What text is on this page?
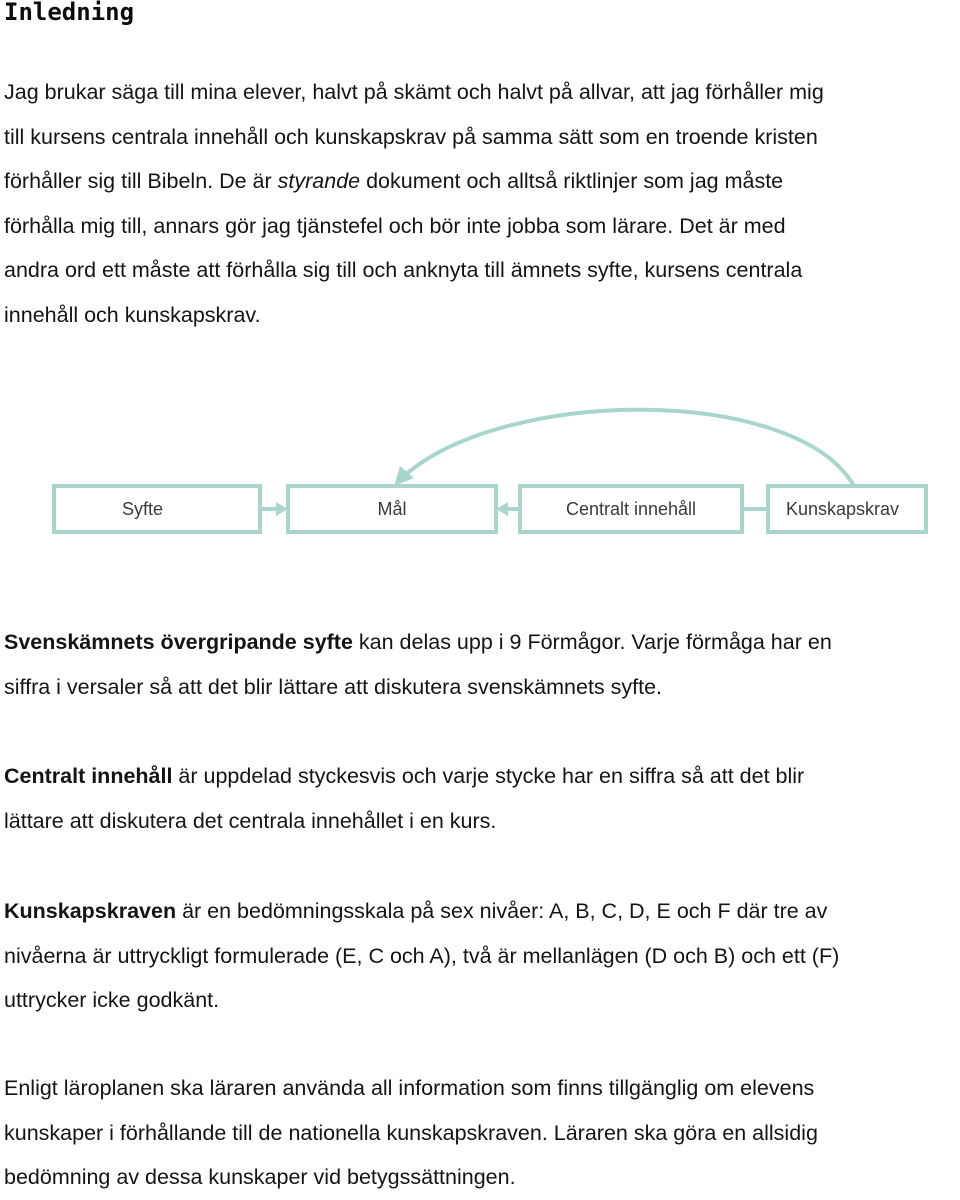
Inledning
Jag brukar säga till mina elever, halvt på skämt och halvt på allvar, att jag förhåller mig
till kursens centrala innehåll och kunskapskrav på samma sätt som en troende kristen
förhåller sig till Bibeln. De är styrande dokument och alltså riktlinjer som jag måste
förhålla mig till, annars gör jag tjänstefel och bör inte jobba som lärare. Det är med
andra ord ett måste att förhålla sig till och anknyta till ämnets syfte, kursens centrala
innehåll och kunskapskrav.
Syfte	Mål	Centralt innehåll	Kunskapskrav
Svenskämnets övergripande syfte kan delas upp i 9 Förmågor. Varje förmåga har en
siffra i versaler så att det blir lättare att diskutera svenskämnets syfte.
Centralt innehåll är uppdelad styckesvis och varje stycke har en siffra så att det blir
lättare att diskutera det centrala innehållet i en kurs.
Kunskapskraven är en bedömningsskala på sex nivåer: A, B, C, D, E och F där tre av
nivåerna är uttryckligt formulerade (E, C och A), två är mellanlägen (D och B) och ett (F)
uttrycker icke godkänt.
Enligt läroplanen ska läraren använda all information som finns tillgänglig om elevens
kunskaper i förhållande till de nationella kunskapskraven. Läraren ska göra en allsidig
bedömning av dessa kunskaper vid betygssättningen.
